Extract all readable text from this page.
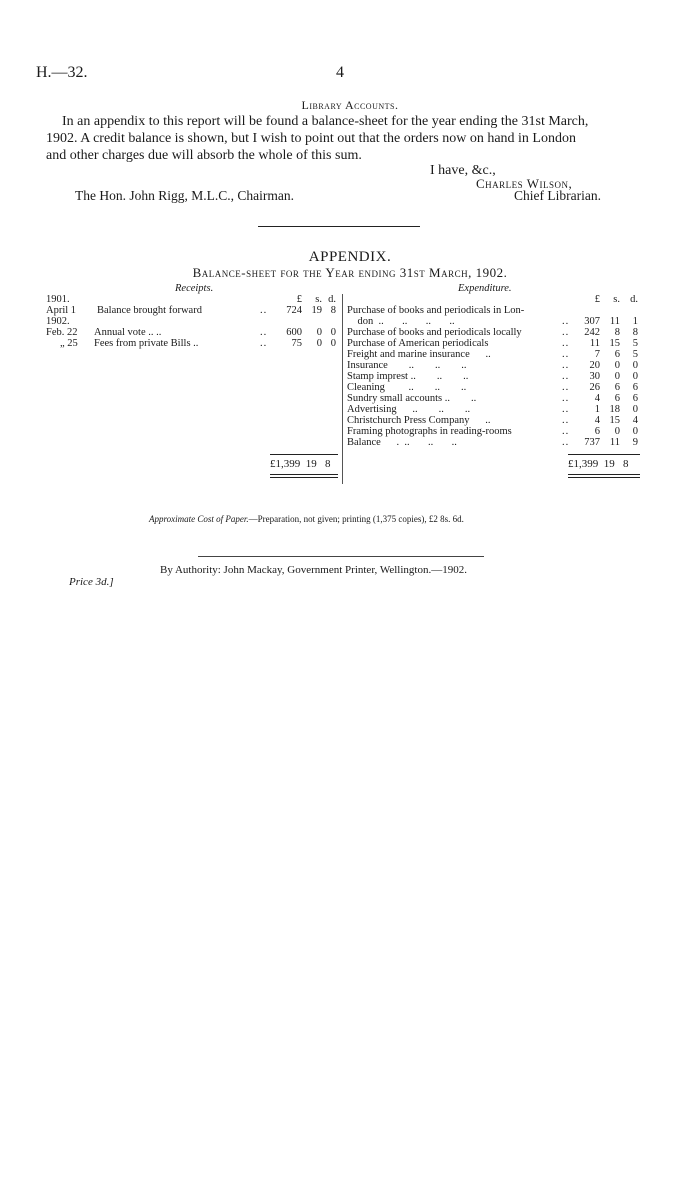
H.—32.	4
Library Accounts.
In an appendix to this report will be found a balance-sheet for the year ending the 31st March,
1902. A credit balance is shown, but I wish to point out that the orders now on hand in London
and other charges due will absorb the whole of this sum.
I have, &c.,
Charles Wilson,
The Hon. John Rigg, M.L.C., Chairman.	Chief Librarian.
APPENDIX.
Balance-sheet for the Year ending 31st March, 1902.
Receipts.	Expenditure.
£	s. d.	£	s. d.
1901.
April 1 Balance brought forward	..	724 19 8
1902.
Feb. 22 Annual vote .. ..	..	600	0 0
„ 25 Fees from private Bills ..	..	75	0 0
Purchase of books and periodicals in Lon-
don  ..       ..       ..       ..	..	307 11	1
Purchase of books and periodicals locally	..	242	8	8
Purchase of American periodicals	..	11 15	5
Freight and marine insurance      ..	..	7	6	5
Insurance        ..        ..        ..	..	20	0	0
Stamp imprest ..        ..        ..	..	30	0	0
Cleaning         ..        ..        ..	..	26	6	6
Sundry small accounts ..        ..	..	4	6	6
Advertising      ..        ..        ..	..	1 18	0
Christchurch Press Company      ..	..	4 15	4
Framing photographs in reading-rooms	..	6	0	0
Balance      .  ..       ..       ..	..	737 11	9
£1,399  19   8	£1,399  19   8
Approximate Cost of Paper.—Preparation, not given; printing (1,375 copies), £2 8s. 6d.
By Authority: John Mackay, Government Printer, Wellington.—1902.
Price 3d.]
